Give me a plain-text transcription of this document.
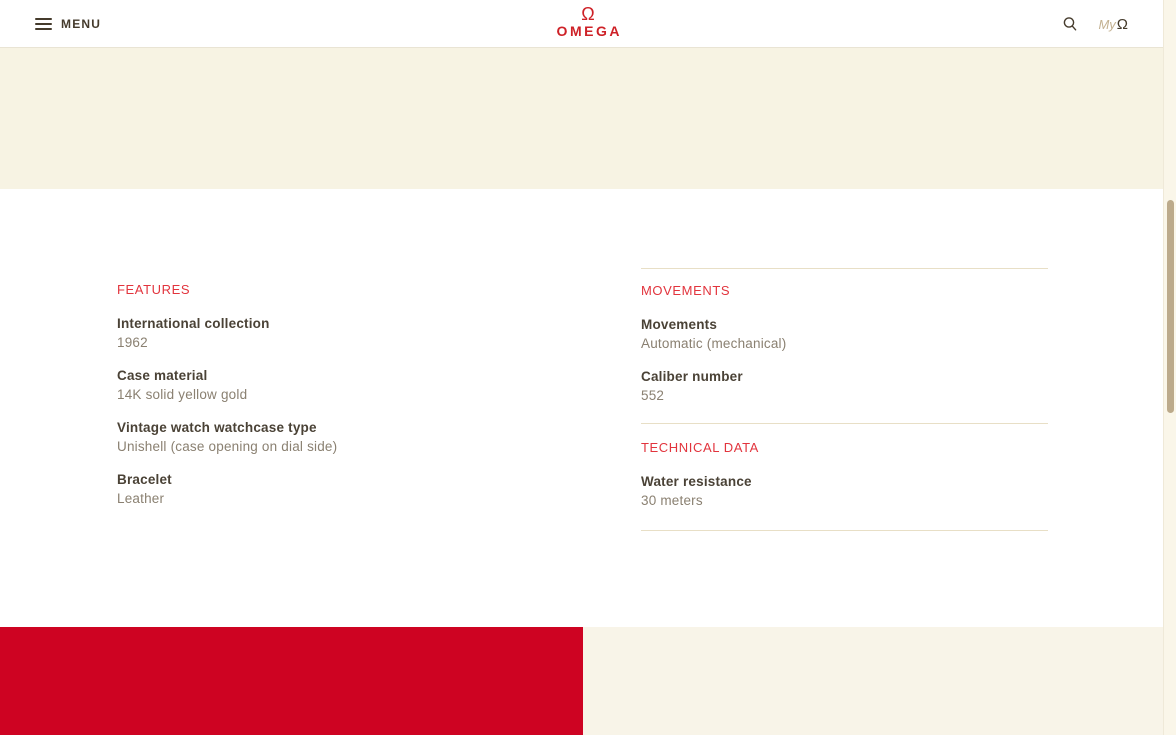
MENU	Ω
OMEGA	My Ω
FEATURES
International collection
1962
Case material
14K solid yellow gold
Vintage watch watchcase type
Unishell (case opening on dial side)
Bracelet
Leather
MOVEMENTS
Movements
Automatic (mechanical)
Caliber number
552
TECHNICAL DATA
Water resistance
30 meters
